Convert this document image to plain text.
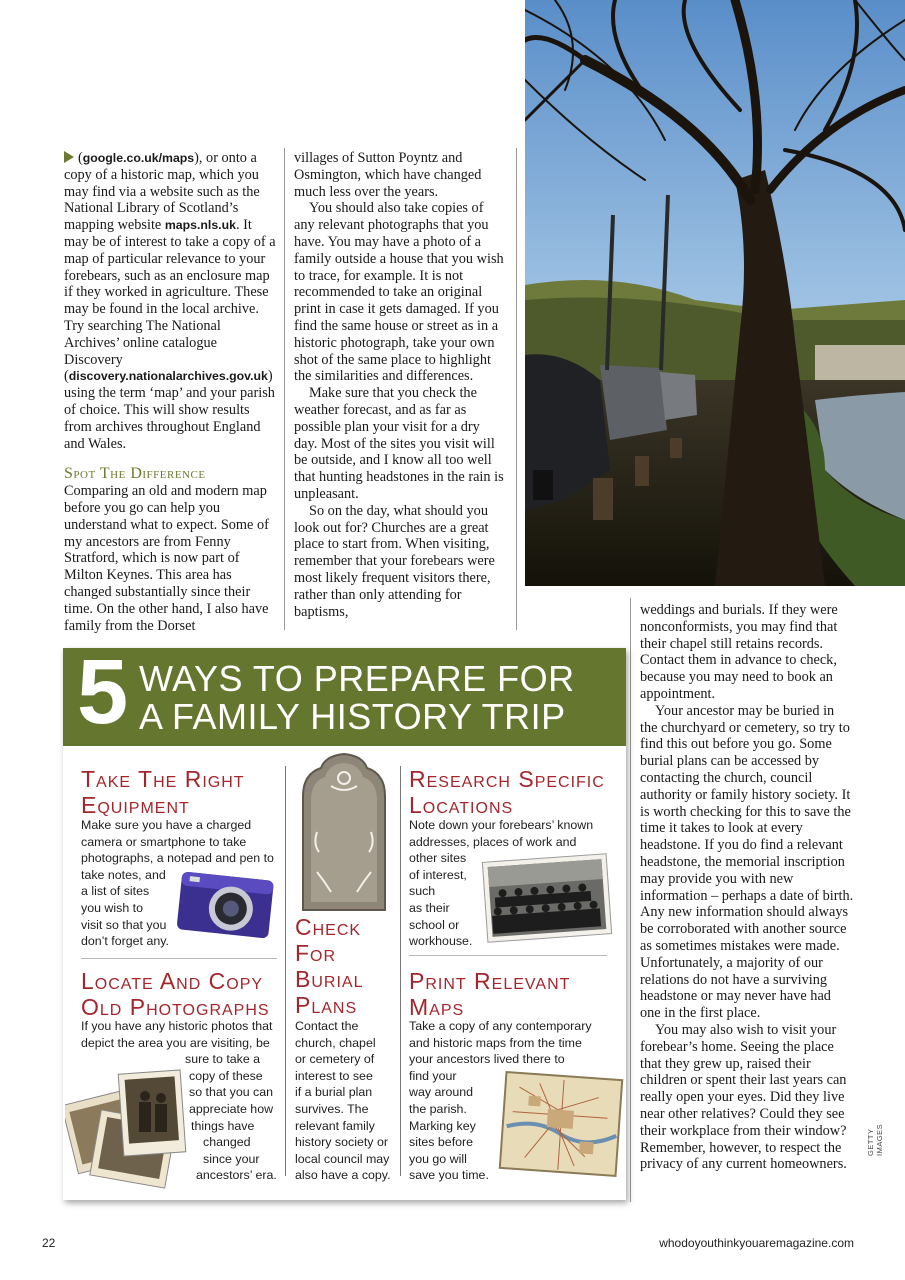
(google.co.uk/maps), or onto a copy of a historic map, which you may find via a website such as the National Library of Scotland’s mapping website maps.nls.uk. It may be of interest to take a copy of a map of particular relevance to your forebears, such as an enclosure map if they worked in agriculture. These may be found in the local archive. Try searching The National Archives’ online catalogue Discovery (discovery.nationalarchives.gov.uk) using the term ‘map’ and your parish of choice. This will show results from archives throughout England and Wales.

Spot The Difference

Comparing an old and modern map before you go can help you understand what to expect. Some of my ancestors are from Fenny Stratford, which is now part of Milton Keynes. This area has changed substantially since their time. On the other hand, I also have family from the Dorset

villages of Sutton Poyntz and Osmington, which have changed much less over the years.

You should also take copies of any relevant photographs that you have. You may have a photo of a family outside a house that you wish to trace, for example. It is not recommended to take an original print in case it gets damaged. If you find the same house or street as in a historic photograph, take your own shot of the same place to highlight the similarities and differences.

Make sure that you check the weather forecast, and as far as possible plan your visit for a dry day. Most of the sites you visit will be outside, and I know all too well that hunting headstones in the rain is unpleasant.

So on the day, what should you look out for? Churches are a great place to start from. When visiting, remember that your forebears were most likely frequent visitors there, rather than only attending for baptisms,	weddings and burials. If they were nonconformists, you may find that their chapel still retains records. Contact them in advance to check, because you may need to book an appointment.

Your ancestor may be buried in the churchyard or cemetery, so try to find this out before you go. Some burial plans can be accessed by contacting the church, council authority or family history society. It is worth checking for this to save the time it takes to look at every headstone. If you do find a relevant headstone, the memorial inscription may provide you with new information – perhaps a date of birth. Any new information should always be corroborated with another source as sometimes mistakes were made. Unfortunately, a majority of our relations do not have a surviving headstone or may never have had one in the first place.

You may also wish to visit your forebear’s home. Seeing the place that they grew up, raised their children or spent their last years can really open your eyes. Did they live near other relatives? Could they see their workplace from their window? Remember, however, to respect the privacy of any current homeowners.

Take The Right
Equipment
Make sure you have a charged
camera or smartphone to take
photographs, a notepad and pen to
take notes, and
a list of sites
you wish to
visit so that you
don’t forget any.
Locate And Copy
Old Photographs
If you have any historic photos that
depict the area you are visiting, be
sure to take a
copy of these
so that you can
appreciate how
things have
changed
since your
ancestors’ era.
Check
For
Burial
Plans
Contact the
church, chapel
or cemetery of
interest to see
if a burial plan
survives. The
relevant family
history society or
local council may
also have a copy.
Research Specific
Locations
Note down your forebears’ known
addresses, places of work and
other sites
of interest,
such
as their
school or
workhouse.
Print Relevant
Maps
Take a copy of any contemporary
and historic maps from the time
your ancestors lived there to
find your
way around
the parish.
Marking key
sites before
you go will
save you time.
5 WAYS TO PREPARE FOR
A FAMILY HISTORY TRIP
22	whodoyouthinkyouaremagazine.com
GETTY IMAGES
